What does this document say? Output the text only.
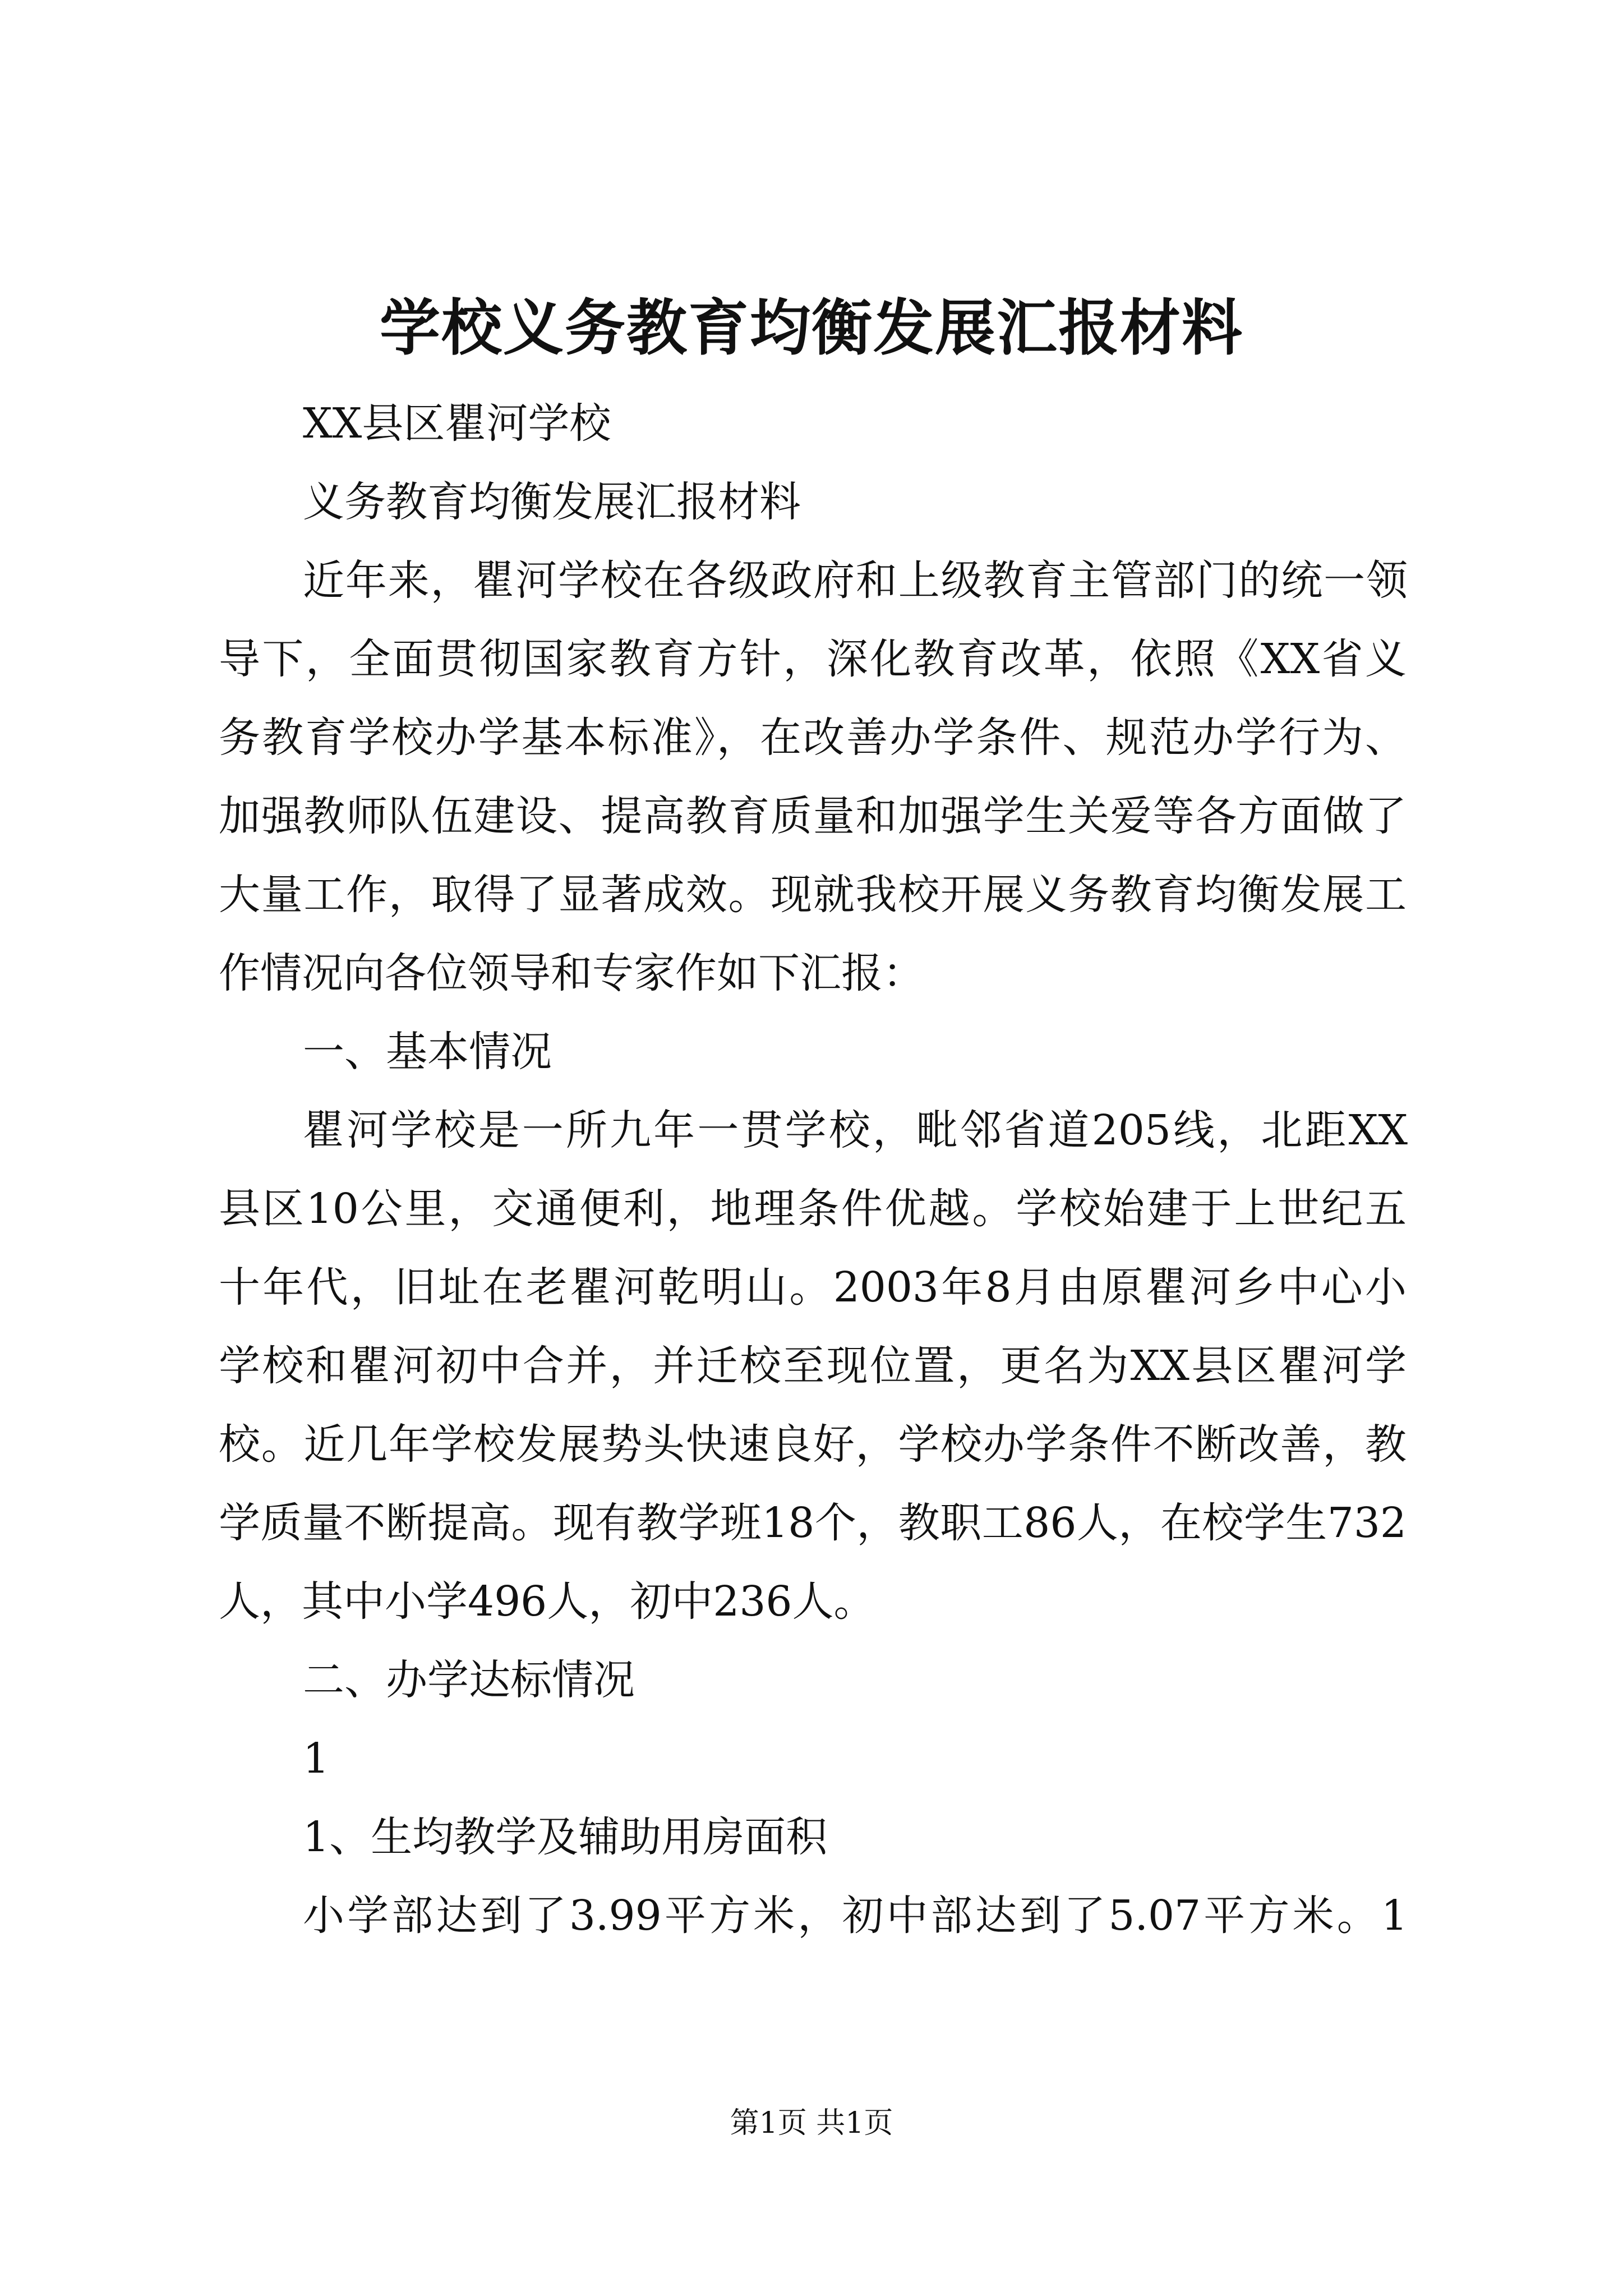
学校义务教育均衡发展汇报材料
XX县区瞿河学校
义务教育均衡发展汇报材料
近年来，瞿河学校在各级政府和上级教育主管部门的统一领
导下，全面贯彻国家教育方针，深化教育改革，依照《XX省义
务教育学校办学基本标准》，在改善办学条件、规范办学行为、
加强教师队伍建设、提高教育质量和加强学生关爱等各方面做了
大量工作，取得了显著成效。现就我校开展义务教育均衡发展工
作情况向各位领导和专家作如下汇报：
一、基本情况
瞿河学校是一所九年一贯学校，毗邻省道205线，北距XX
县区10公里，交通便利，地理条件优越。学校始建于上世纪五
十年代，旧址在老瞿河乾明山。2003年8月由原瞿河乡中心小
学校和瞿河初中合并，并迁校至现位置，更名为XX县区瞿河学
校。近几年学校发展势头快速良好，学校办学条件不断改善，教
学质量不断提高。现有教学班18个，教职工86人，在校学生732
人，其中小学496人，初中236人。
二、办学达标情况
1
1、生均教学及辅助用房面积
小学部达到了3.99平方米，初中部达到了5.07平方米。1
第1页 共1页
